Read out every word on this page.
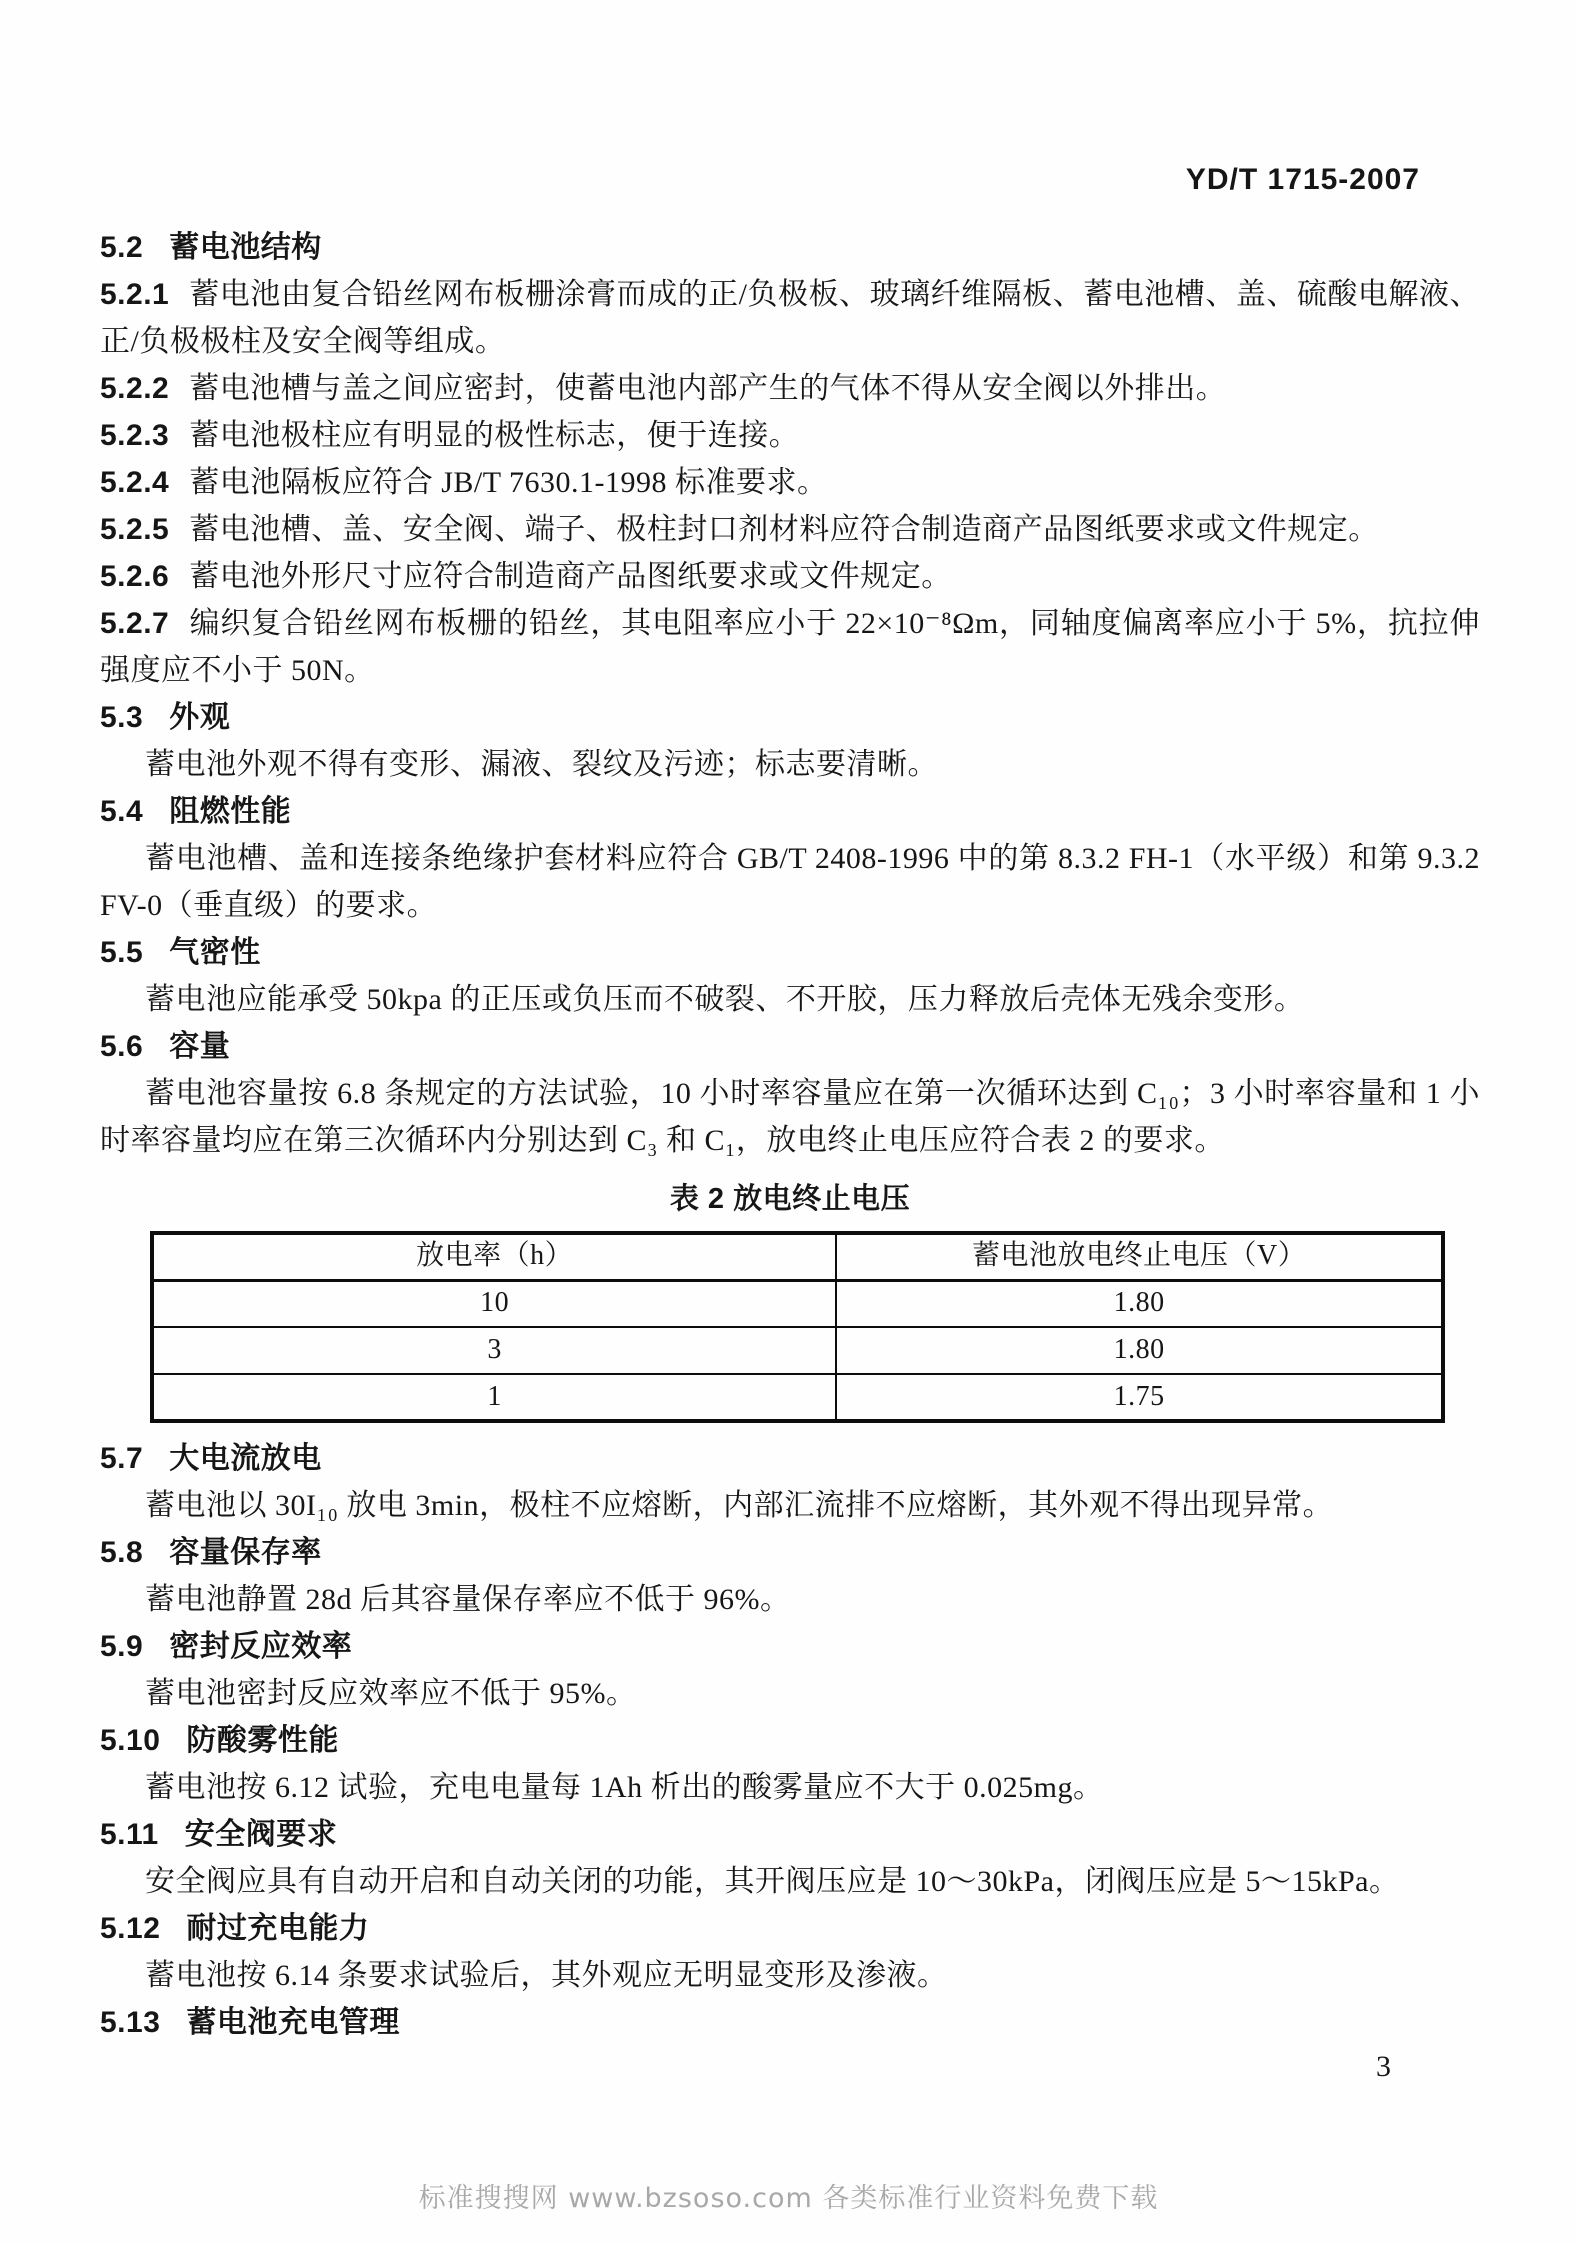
YD/T 1715-2007
5.2 蓄电池结构
5.2.1 蓄电池由复合铅丝网布板栅涂膏而成的正/负极板、玻璃纤维隔板、蓄电池槽、盖、硫酸电解液、正/负极极柱及安全阀等组成。
5.2.2 蓄电池槽与盖之间应密封，使蓄电池内部产生的气体不得从安全阀以外排出。
5.2.3 蓄电池极柱应有明显的极性标志，便于连接。
5.2.4 蓄电池隔板应符合 JB/T 7630.1-1998 标准要求。
5.2.5 蓄电池槽、盖、安全阀、端子、极柱封口剂材料应符合制造商产品图纸要求或文件规定。
5.2.6 蓄电池外形尺寸应符合制造商产品图纸要求或文件规定。
5.2.7 编织复合铅丝网布板栅的铅丝，其电阻率应小于 22×10⁻⁸Ωm，同轴度偏离率应小于 5%，抗拉伸强度应不小于 50N。
5.3 外观
蓄电池外观不得有变形、漏液、裂纹及污迹；标志要清晰。
5.4 阻燃性能
蓄电池槽、盖和连接条绝缘护套材料应符合 GB/T 2408-1996 中的第 8.3.2 FH-1（水平级）和第 9.3.2 FV-0（垂直级）的要求。
5.5 气密性
蓄电池应能承受 50kpa 的正压或负压而不破裂、不开胶，压力释放后壳体无残余变形。
5.6 容量
蓄电池容量按 6.8 条规定的方法试验，10 小时率容量应在第一次循环达到 C₁₀；3 小时率容量和 1 小时率容量均应在第三次循环内分别达到 C₃ 和 C₁，放电终止电压应符合表 2 的要求。
表 2 放电终止电压
放电率（h）	蓄电池放电终止电压（V）
10	1.80
3	1.80
1	1.75
5.7 大电流放电
蓄电池以 30I₁₀ 放电 3min，极柱不应熔断，内部汇流排不应熔断，其外观不得出现异常。
5.8 容量保存率
蓄电池静置 28d 后其容量保存率应不低于 96%。
5.9 密封反应效率
蓄电池密封反应效率应不低于 95%。
5.10 防酸雾性能
蓄电池按 6.12 试验，充电电量每 1Ah 析出的酸雾量应不大于 0.025mg。
5.11 安全阀要求
安全阀应具有自动开启和自动关闭的功能，其开阀压应是 10～30kPa，闭阀压应是 5～15kPa。
5.12 耐过充电能力
蓄电池按 6.14 条要求试验后，其外观应无明显变形及渗液。
5.13 蓄电池充电管理
3
标准搜搜网 www.bzsoso.com 各类标准行业资料免费下载
